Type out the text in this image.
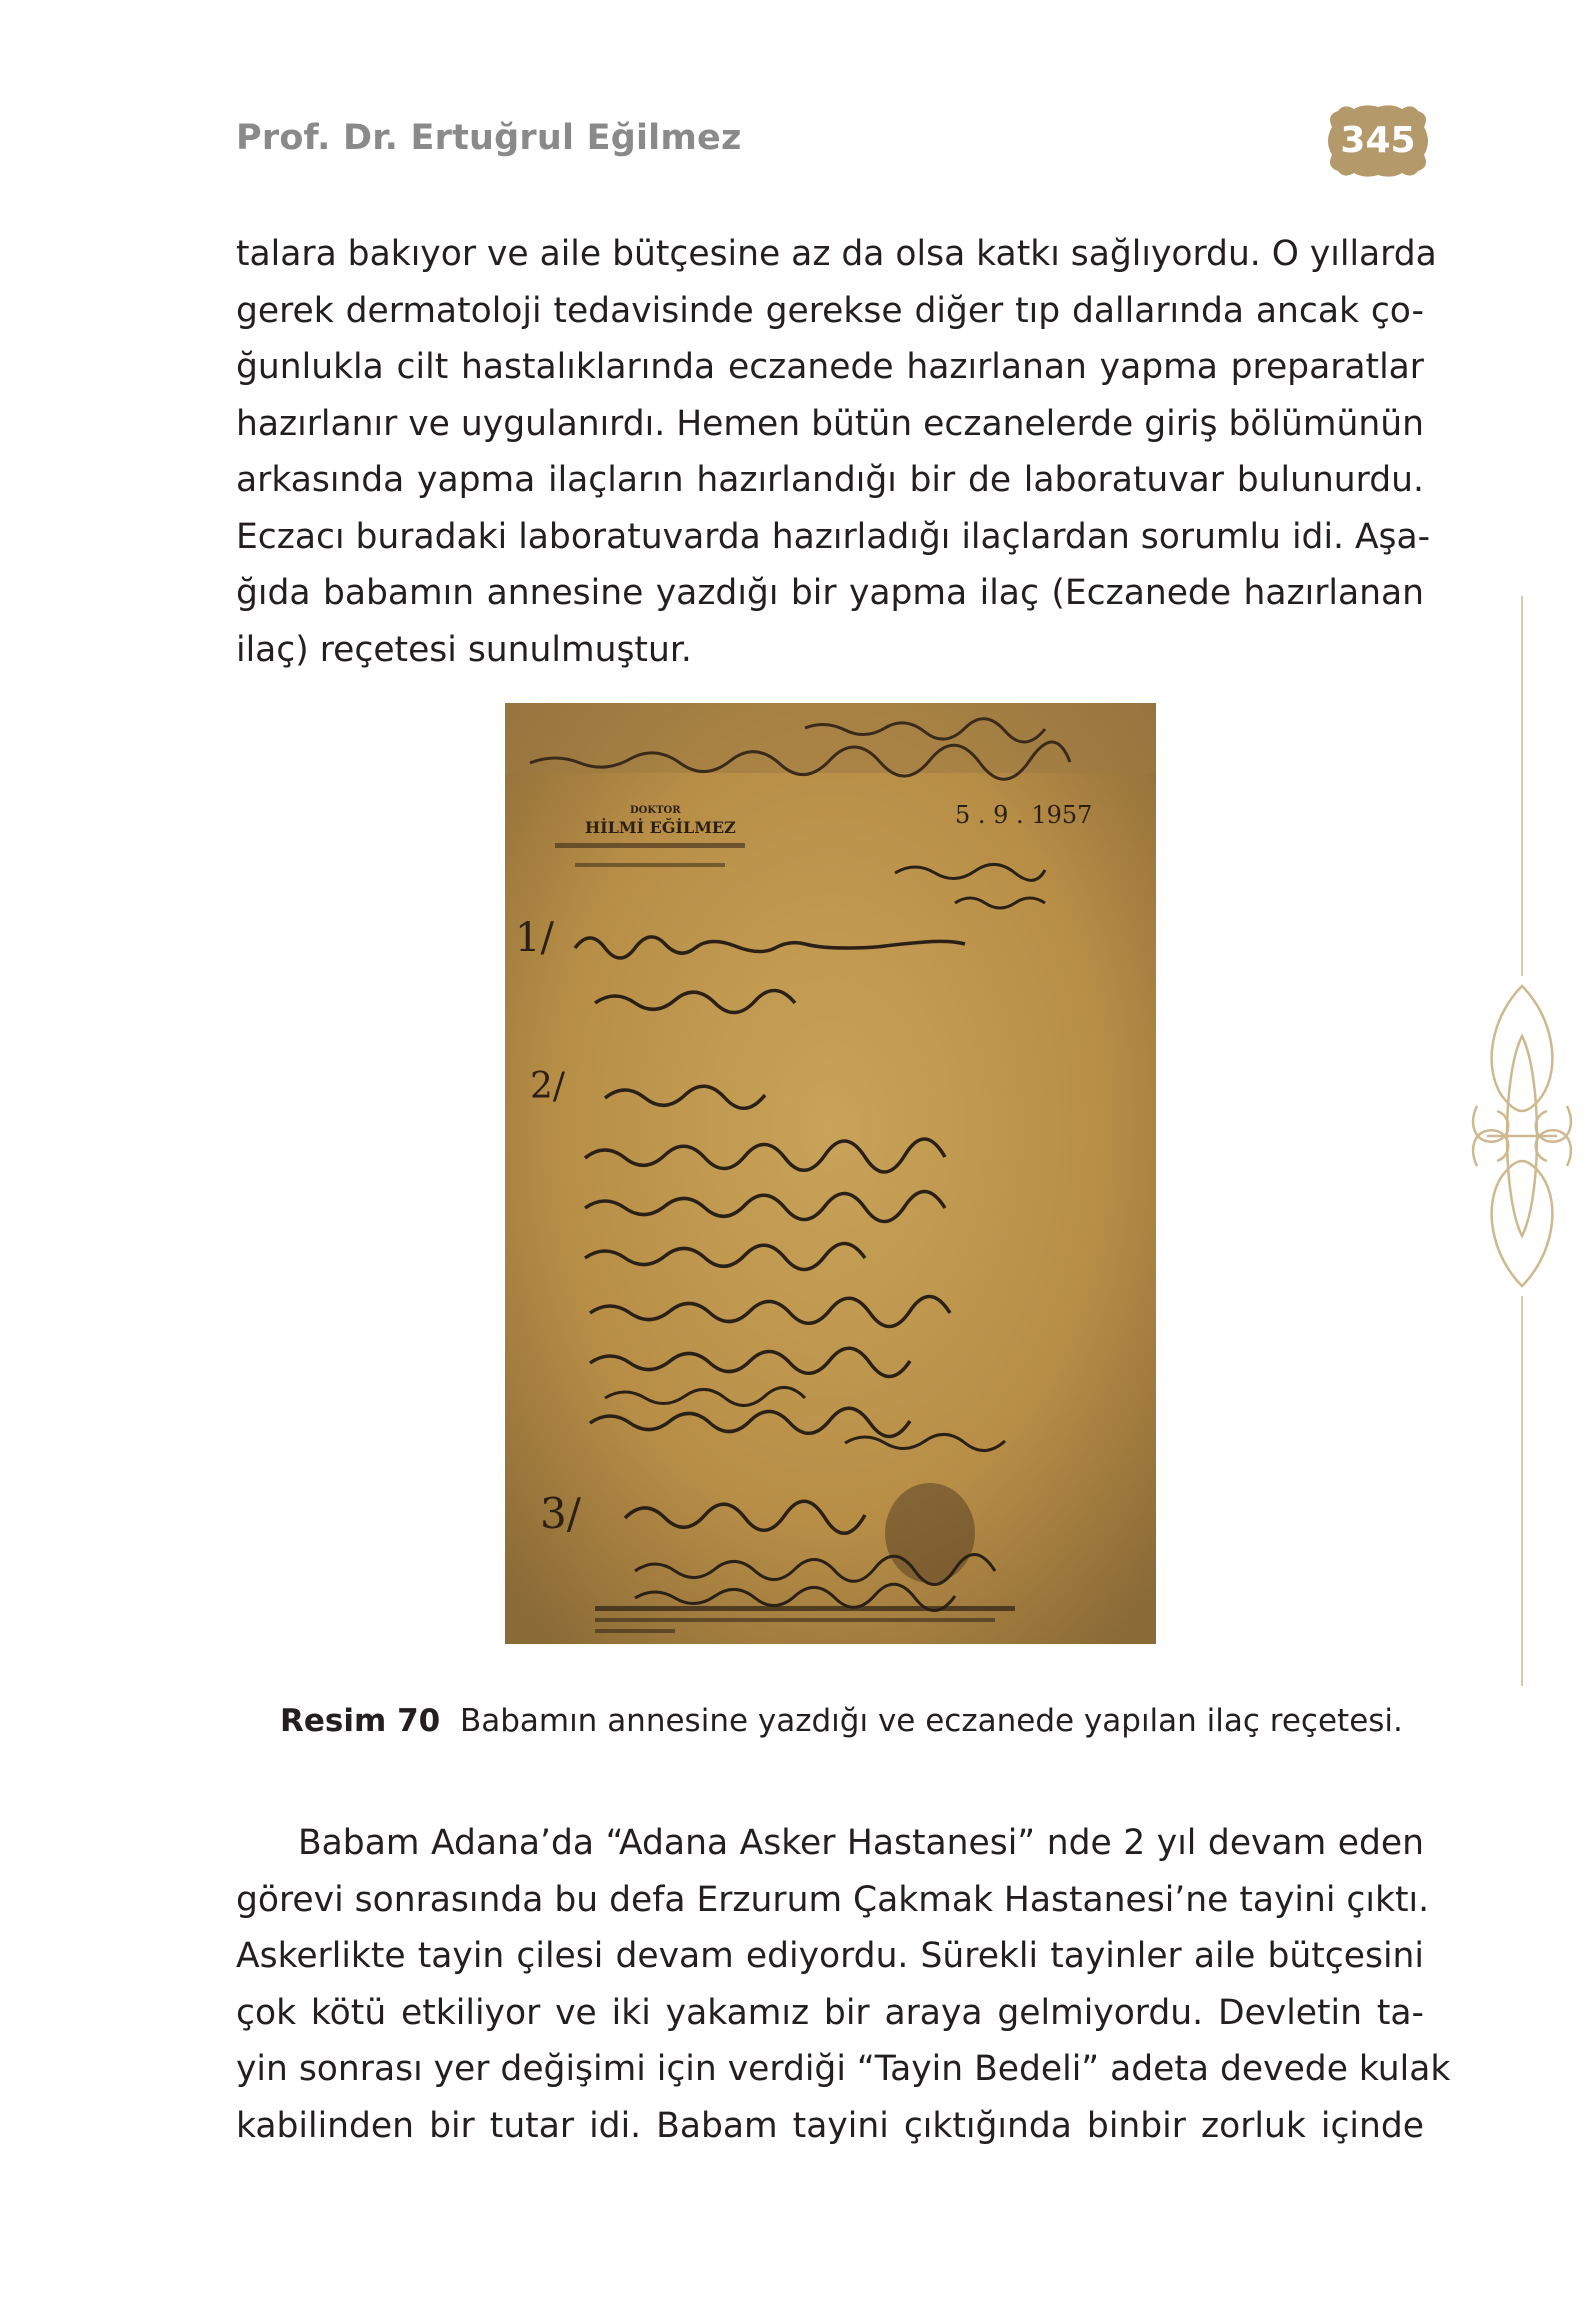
Prof. Dr. Ertuğrul Eğilmez	345
talara bakıyor ve aile bütçesine az da olsa katkı sağlıyordu. O yıllarda
gerek dermatoloji tedavisinde gerekse diğer tıp dallarında ancak ço-
ğunlukla cilt hastalıklarında eczanede hazırlanan yapma preparatlar
hazırlanır ve uygulanırdı. Hemen bütün eczanelerde giriş bölümünün
arkasında yapma ilaçların hazırlandığı bir de laboratuvar bulunurdu.
Eczacı buradaki laboratuvarda hazırladığı ilaçlardan sorumlu idi. Aşa-
ğıda babamın annesine yazdığı bir yapma ilaç (Eczanede hazırlanan
ilaç) reçetesi sunulmuştur.
DOKTOR
HİLMİ EĞİLMEZ	5 . 9 . 1957
1/
2/
3/
Resim 70 Babamın annesine yazdığı ve eczanede yapılan ilaç reçetesi.
Babam Adana’da “Adana Asker Hastanesi” nde 2 yıl devam eden
görevi sonrasında bu defa Erzurum Çakmak Hastanesi’ne tayini çıktı.
Askerlikte tayin çilesi devam ediyordu. Sürekli tayinler aile bütçesini
çok kötü etkiliyor ve iki yakamız bir araya gelmiyordu. Devletin ta-
yin sonrası yer değişimi için verdiği “Tayin Bedeli” adeta devede kulak
kabilinden bir tutar idi. Babam tayini çıktığında binbir zorluk içinde
